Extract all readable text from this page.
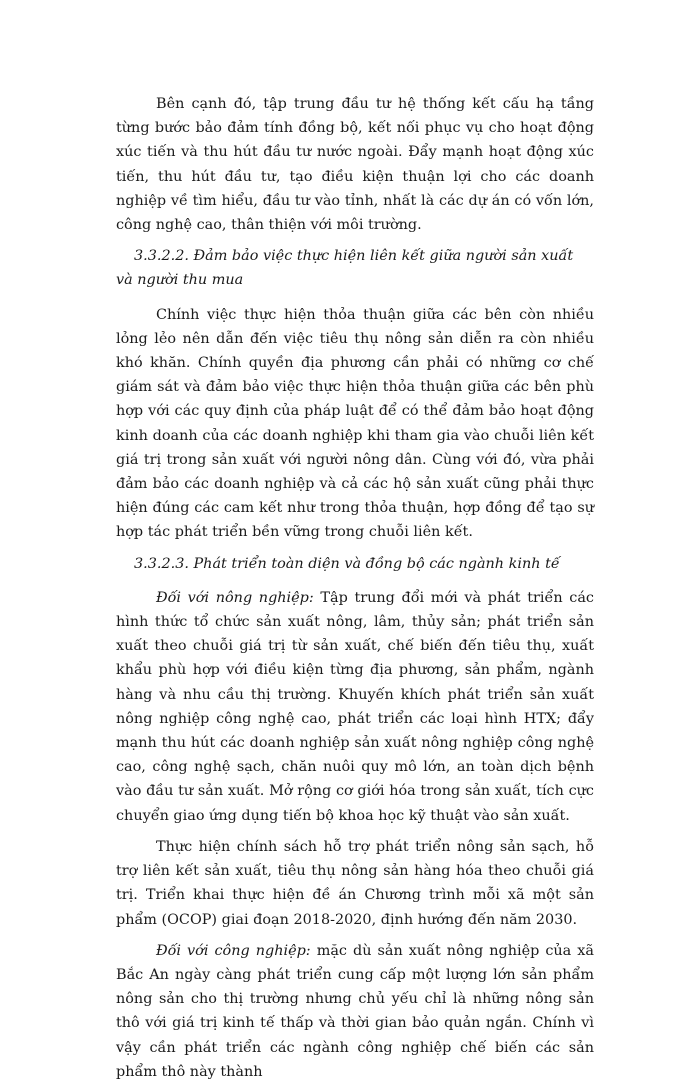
Bên cạnh đó, tập trung đầu tư hệ thống kết cấu hạ tầng từng bước bảo đảm tính đồng bộ, kết nối phục vụ cho hoạt động xúc tiến và thu hút đầu tư nước ngoài. Đẩy mạnh hoạt động xúc tiến, thu hút đầu tư, tạo điều kiện thuận lợi cho các doanh nghiệp về tìm hiểu, đầu tư vào tỉnh, nhất là các dự án có vốn lớn, công nghệ cao, thân thiện với môi trường.

3.3.2.2. Đảm bảo việc thực hiện liên kết giữa người sản xuất và người thu mua

Chính việc thực hiện thỏa thuận giữa các bên còn nhiều lỏng lẻo nên dẫn đến việc tiêu thụ nông sản diễn ra còn nhiều khó khăn. Chính quyền địa phương cần phải có những cơ chế giám sát và đảm bảo việc thực hiện thỏa thuận giữa các bên phù hợp với các quy định của pháp luật để có thể đảm bảo hoạt động kinh doanh của các doanh nghiệp khi tham gia vào chuỗi liên kết giá trị trong sản xuất với người nông dân. Cùng với đó, vừa phải đảm bảo các doanh nghiệp và cả các hộ sản xuất cũng phải thực hiện đúng các cam kết như trong thỏa thuận, hợp đồng để tạo sự hợp tác phát triển bền vững trong chuỗi liên kết.

3.3.2.3. Phát triển toàn diện và đồng bộ các ngành kinh tế

Đối với nông nghiệp: Tập trung đổi mới và phát triển các hình thức tổ chức sản xuất nông, lâm, thủy sản; phát triển sản xuất theo chuỗi giá trị từ sản xuất, chế biến đến tiêu thụ, xuất khẩu phù hợp với điều kiện từng địa phương, sản phẩm, ngành hàng và nhu cầu thị trường. Khuyến khích phát triển sản xuất nông nghiệp công nghệ cao, phát triển các loại hình HTX; đẩy mạnh thu hút các doanh nghiệp sản xuất nông nghiệp công nghệ cao, công nghệ sạch, chăn nuôi quy mô lớn, an toàn dịch bệnh vào đầu tư sản xuất. Mở rộng cơ giới hóa trong sản xuất, tích cực chuyển giao ứng dụng tiến bộ khoa học kỹ thuật vào sản xuất.

Thực hiện chính sách hỗ trợ phát triển nông sản sạch, hỗ trợ liên kết sản xuất, tiêu thụ nông sản hàng hóa theo chuỗi giá trị. Triển khai thực hiện đề án Chương trình mỗi xã một sản phẩm (OCOP) giai đoạn 2018-2020, định hướng đến năm 2030.

Đối với công nghiệp: mặc dù sản xuất nông nghiệp của xã Bắc An ngày càng phát triển cung cấp một lượng lớn sản phẩm nông sản cho thị trường nhưng chủ yếu chỉ là những nông sản thô với giá trị kinh tế thấp và thời gian bảo quản ngắn. Chính vì vậy cần phát triển các ngành công nghiệp chế biến các sản phẩm thô này thành
